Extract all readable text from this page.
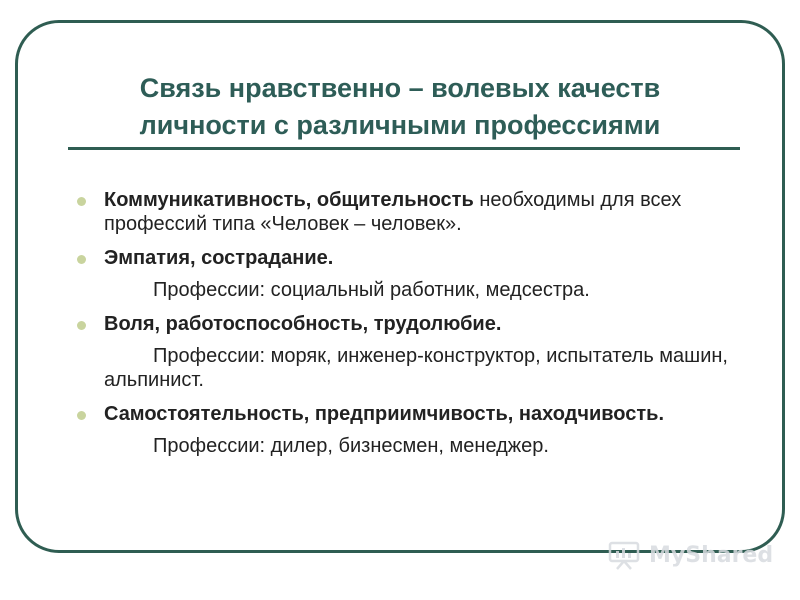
Связь нравственно – волевых качеств
личности с различными профессиями
Коммуникативность, общительность необходимы для всех профессий типа «Человек – человек».
Эмпатия, сострадание.
Профессии: социальный работник, медсестра.
Воля, работоспособность, трудолюбие.
Профессии: моряк, инженер-конструктор, испытатель машин, альпинист.
Самостоятельность, предприимчивость, находчивость.
Профессии: дилер, бизнесмен, менеджер.
MyShared
